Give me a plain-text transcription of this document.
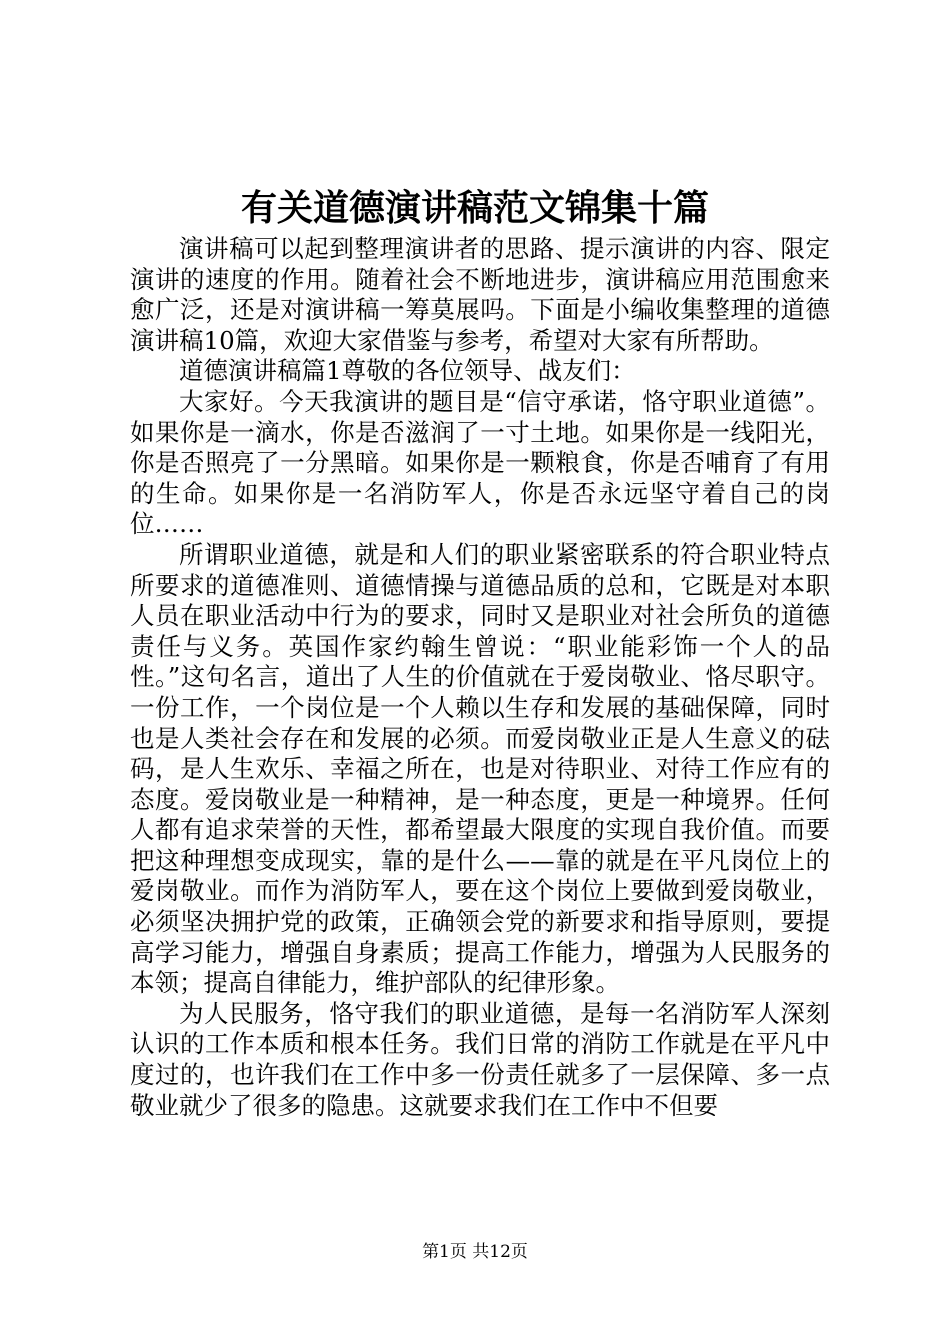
有关道德演讲稿范文锦集十篇

演讲稿可以起到整理演讲者的思路、提示演讲的内容、限定演讲的速度的作用。随着社会不断地进步，演讲稿应用范围愈来愈广泛，还是对演讲稿一筹莫展吗。下面是小编收集整理的道德演讲稿10篇，欢迎大家借鉴与参考，希望对大家有所帮助。

道德演讲稿篇1尊敬的各位领导、战友们：

大家好。今天我演讲的题目是“信守承诺，恪守职业道德”。如果你是一滴水，你是否滋润了一寸土地。如果你是一线阳光，你是否照亮了一分黑暗。如果你是一颗粮食，你是否哺育了有用的生命。如果你是一名消防军人，你是否永远坚守着自己的岗位……

所谓职业道德，就是和人们的职业紧密联系的符合职业特点所要求的道德准则、道德情操与道德品质的总和，它既是对本职人员在职业活动中行为的要求，同时又是职业对社会所负的道德责任与义务。英国作家约翰生曾说：“职业能彩饰一个人的品性。”这句名言，道出了人生的价值就在于爱岗敬业、恪尽职守。一份工作，一个岗位是一个人赖以生存和发展的基础保障，同时也是人类社会存在和发展的必须。而爱岗敬业正是人生意义的砝码，是人生欢乐、幸福之所在，也是对待职业、对待工作应有的态度。爱岗敬业是一种精神，是一种态度，更是一种境界。任何人都有追求荣誉的天性，都希望最大限度的实现自我价值。而要把这种理想变成现实，靠的是什么——靠的就是在平凡岗位上的爱岗敬业。而作为消防军人，要在这个岗位上要做到爱岗敬业，必须坚决拥护党的政策，正确领会党的新要求和指导原则，要提高学习能力，增强自身素质；提高工作能力，增强为人民服务的本领；提高自律能力，维护部队的纪律形象。

为人民服务，恪守我们的职业道德，是每一名消防军人深刻认识的工作本质和根本任务。我们日常的消防工作就是在平凡中度过的，也许我们在工作中多一份责任就多了一层保障、多一点敬业就少了很多的隐患。这就要求我们在工作中不但要

第1页 共12页
